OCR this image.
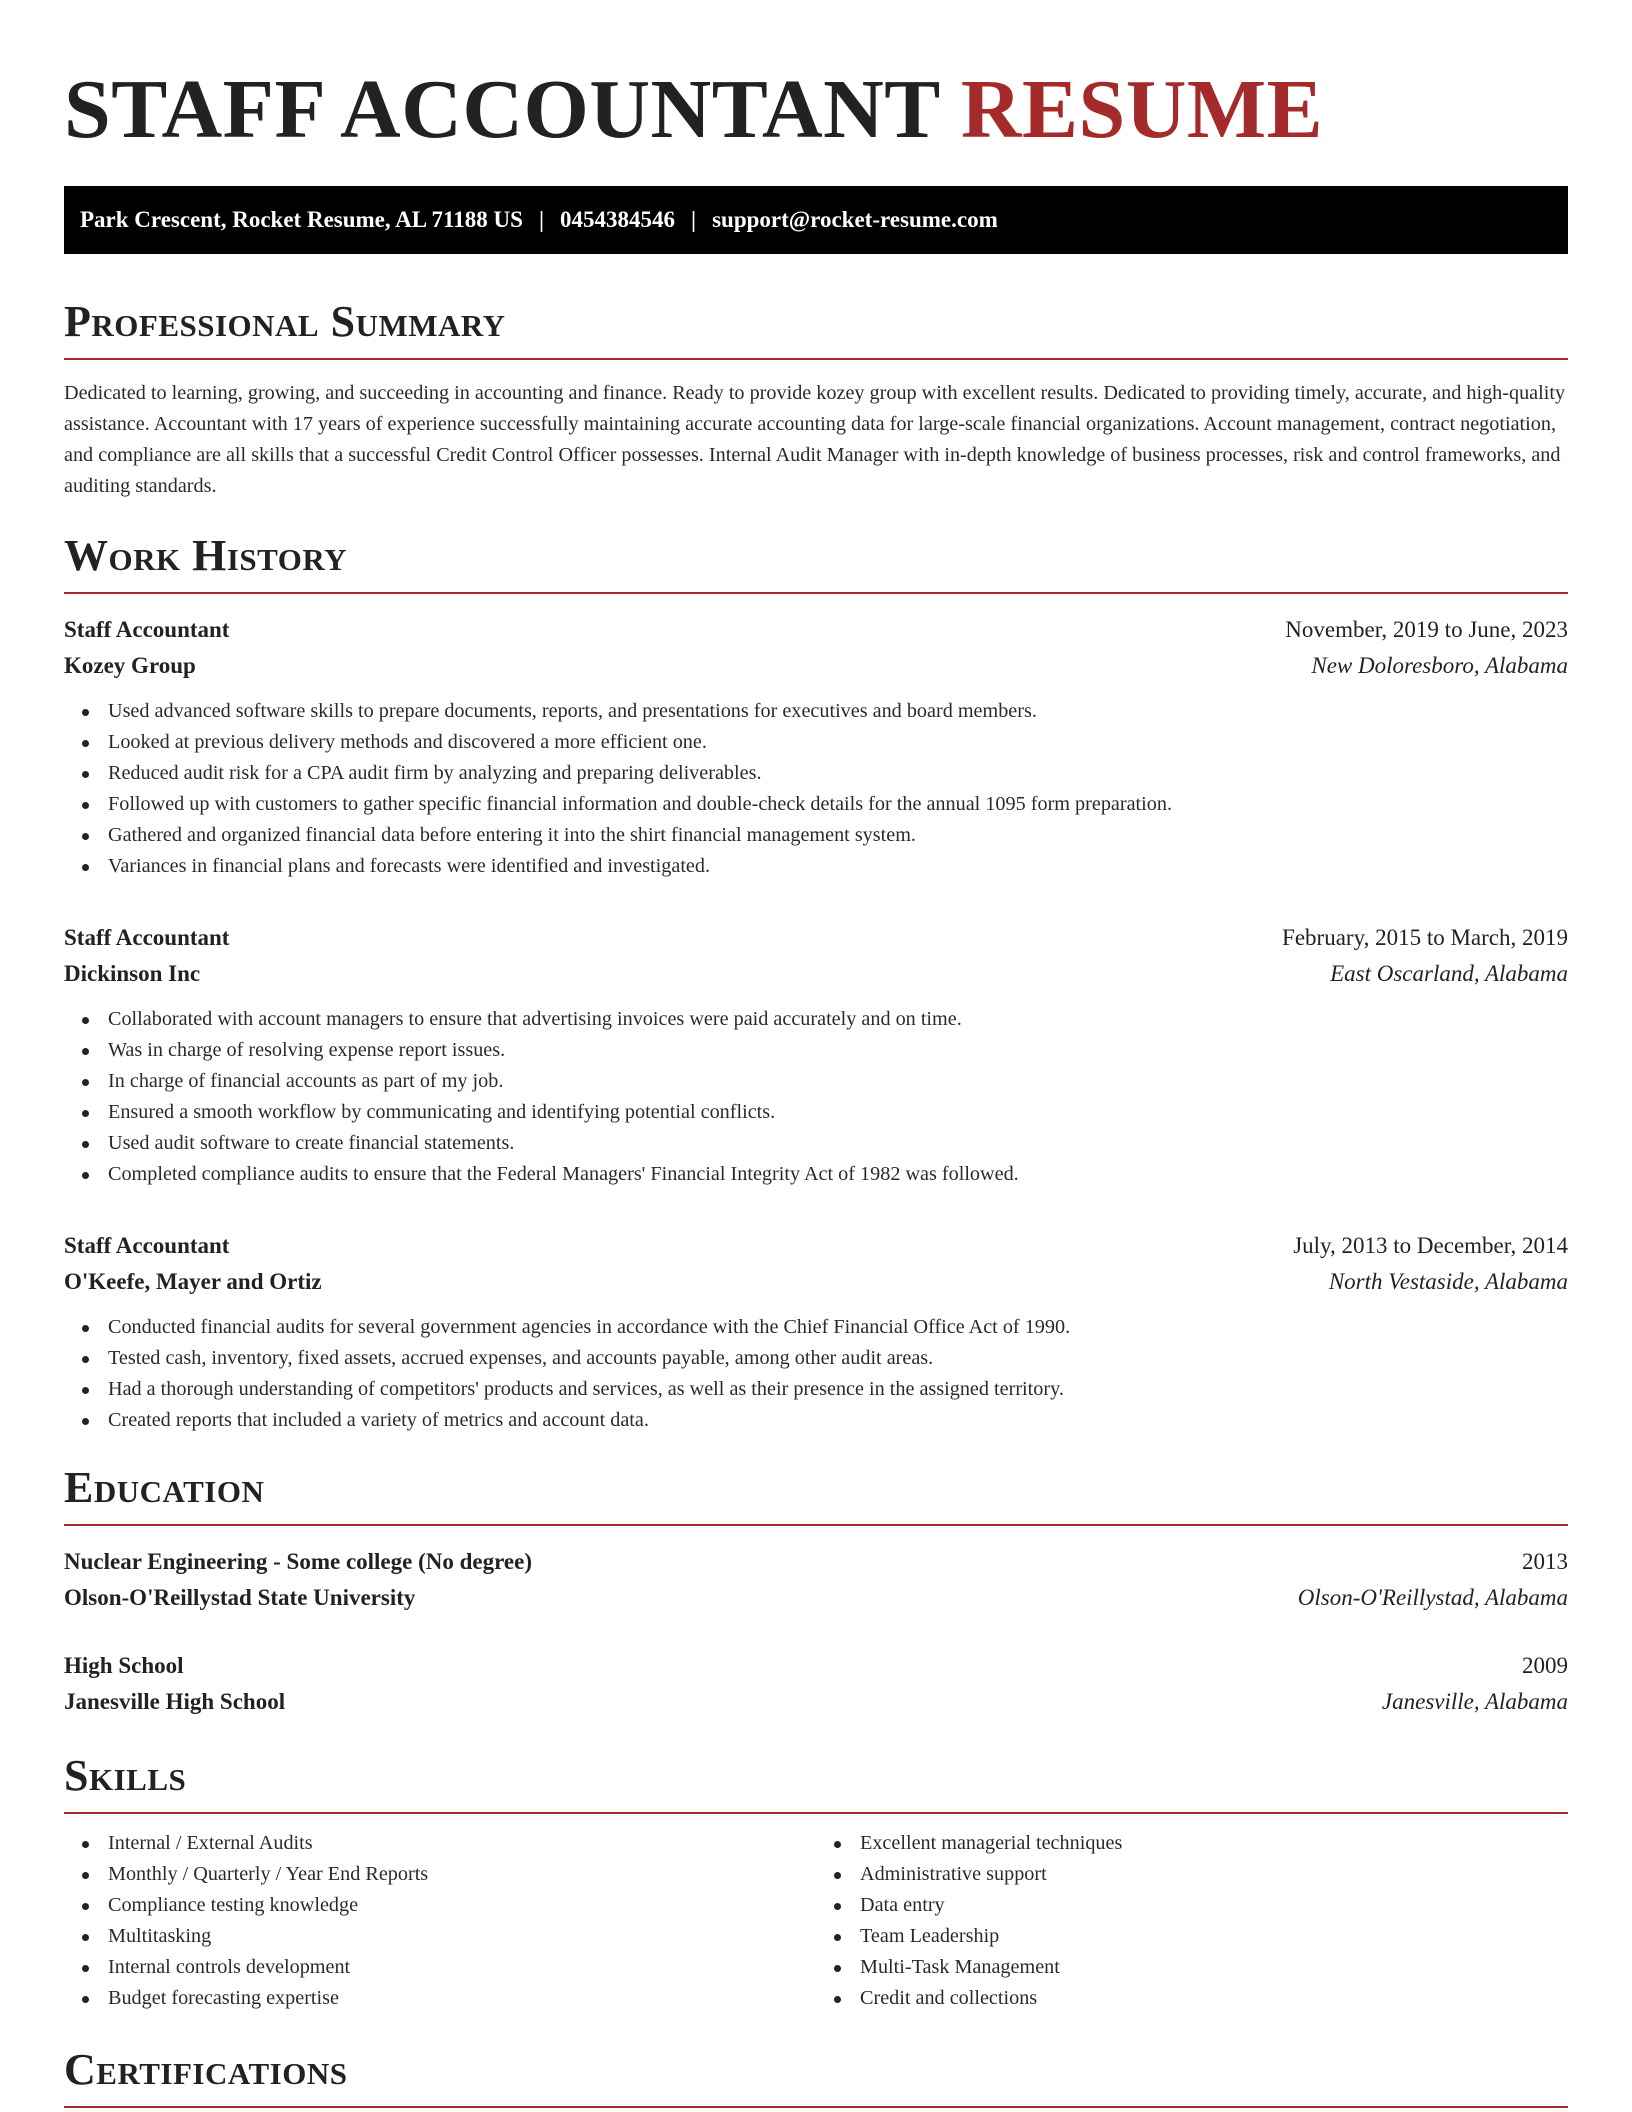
STAFF ACCOUNTANT RESUME
Park Crescent, Rocket Resume, AL 71188 US | 0454384546 | support@rocket-resume.com
Professional Summary

Dedicated to learning, growing, and succeeding in accounting and finance. Ready to provide kozey group with excellent results. Dedicated to providing timely, accurate, and high-quality assistance. Accountant with 17 years of experience successfully maintaining accurate accounting data for large-scale financial organizations. Account management, contract negotiation, and compliance are all skills that a successful Credit Control Officer possesses. Internal Audit Manager with in-depth knowledge of business processes, risk and control frameworks, and auditing standards.

Work History
Staff Accountant	November, 2019 to June, 2023
Kozey Group	New Doloresboro, Alabama
Used advanced software skills to prepare documents, reports, and presentations for executives and board members.
Looked at previous delivery methods and discovered a more efficient one.
Reduced audit risk for a CPA audit firm by analyzing and preparing deliverables.
Followed up with customers to gather specific financial information and double-check details for the annual 1095 form preparation.
Gathered and organized financial data before entering it into the shirt financial management system.
Variances in financial plans and forecasts were identified and investigated.
Staff Accountant	February, 2015 to March, 2019
Dickinson Inc	East Oscarland, Alabama
Collaborated with account managers to ensure that advertising invoices were paid accurately and on time.
Was in charge of resolving expense report issues.
In charge of financial accounts as part of my job.
Ensured a smooth workflow by communicating and identifying potential conflicts.
Used audit software to create financial statements.
Completed compliance audits to ensure that the Federal Managers' Financial Integrity Act of 1982 was followed.
Staff Accountant	July, 2013 to December, 2014
O'Keefe, Mayer and Ortiz	North Vestaside, Alabama
Conducted financial audits for several government agencies in accordance with the Chief Financial Office Act of 1990.
Tested cash, inventory, fixed assets, accrued expenses, and accounts payable, among other audit areas.
Had a thorough understanding of competitors' products and services, as well as their presence in the assigned territory.
Created reports that included a variety of metrics and account data.
Education
Nuclear Engineering - Some college (No degree)	2013
Olson-O'Reillystad State University	Olson-O'Reillystad, Alabama
High School	2009
Janesville High School	Janesville, Alabama
Skills
Internal / External Audits
Monthly / Quarterly / Year End Reports
Compliance testing knowledge
Multitasking
Internal controls development
Budget forecasting expertise
Excellent managerial techniques
Administrative support
Data entry
Team Leadership
Multi-Task Management
Credit and collections
Certifications
